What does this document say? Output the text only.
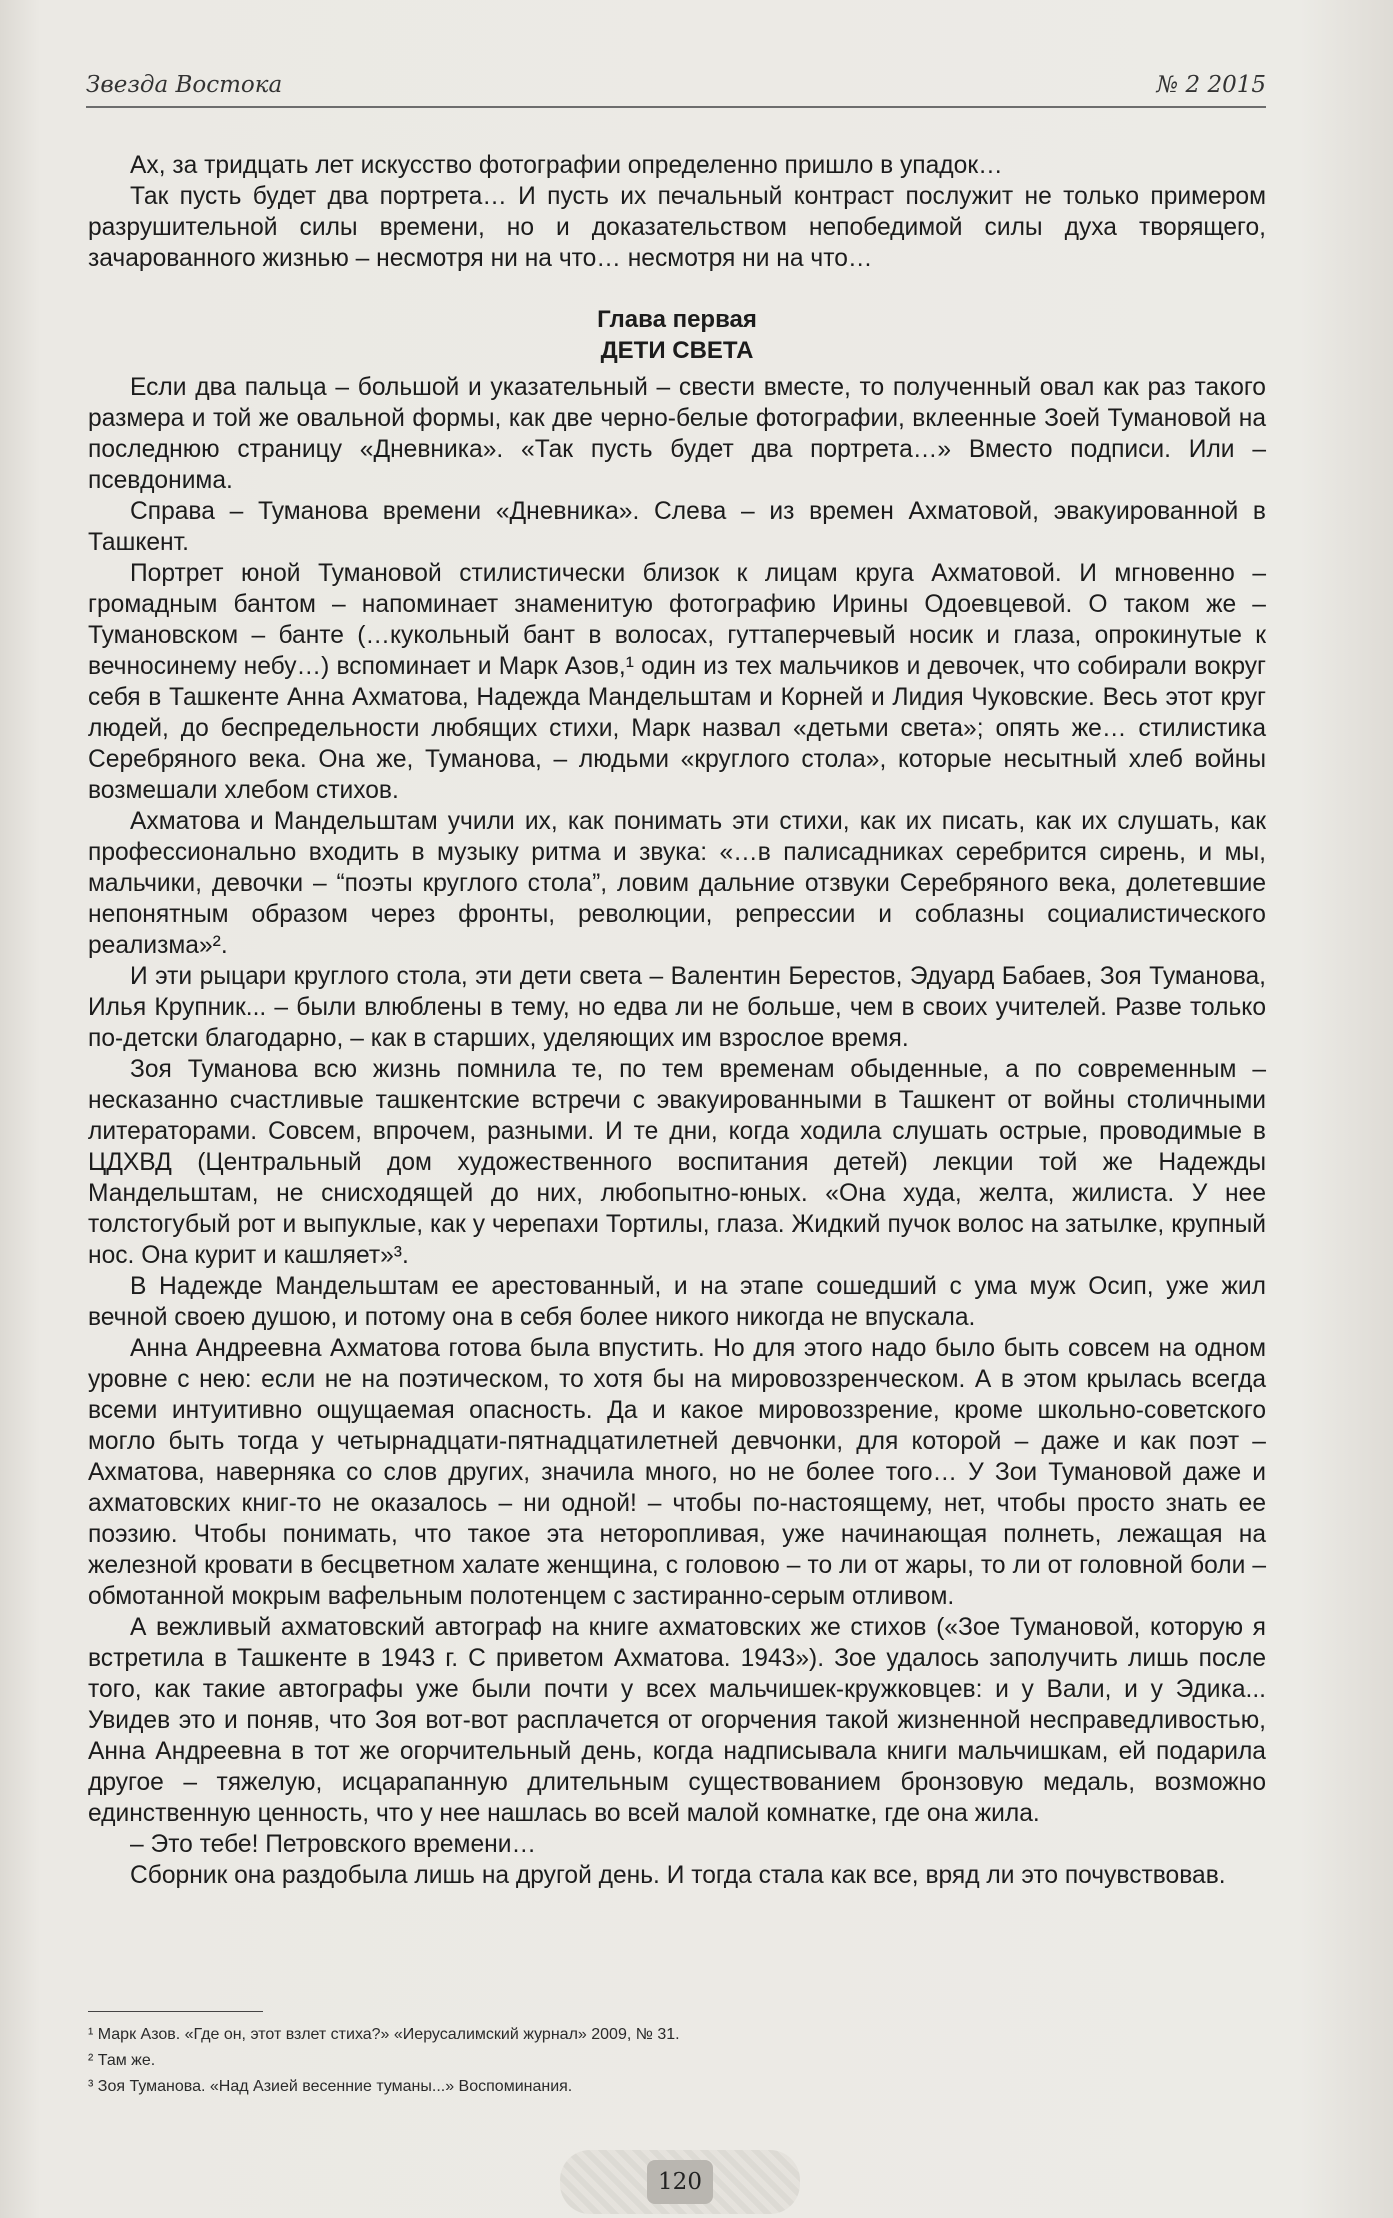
Звезда Востока	№ 2 2015

Ах, за тридцать лет искусство фотографии определенно пришло в упадок…

Так пусть будет два портрета… И пусть их печальный контраст послужит не только примером разрушительной силы времени, но и доказательством непобедимой силы духа творящего, зачарованного жизнью – несмотря ни на что… несмотря ни на что…

Глава первая
ДЕТИ СВЕТА

Если два пальца – большой и указательный – свести вместе, то полученный овал как раз такого размера и той же овальной формы, как две черно-белые фотографии, вклеенные Зоей Тумановой на последнюю страницу «Дневника». «Так пусть будет два портрета…» Вместо подписи. Или – псевдонима.

Справа – Туманова времени «Дневника». Слева – из времен Ахматовой, эвакуированной в Ташкент.

Портрет юной Тумановой стилистически близок к лицам круга Ахматовой. И мгновенно – громадным бантом – напоминает знаменитую фотографию Ирины Одоевцевой. О таком же – Тумановском – банте (…кукольный бант в волосах, гуттаперчевый носик и глаза, опрокинутые к вечносинему небу…) вспоминает и Марк Азов,¹ один из тех мальчиков и девочек, что собирали вокруг себя в Ташкенте Анна Ахматова, Надежда Мандельштам и Корней и Лидия Чуковские. Весь этот круг людей, до беспредельности любящих стихи, Марк назвал «детьми света»; опять же… стилистика Серебряного века. Она же, Туманова, – людьми «круглого стола», которые несытный хлеб войны возмешали хлебом стихов.

Ахматова и Мандельштам учили их, как понимать эти стихи, как их писать, как их слушать, как профессионально входить в музыку ритма и звука: «…в палисадниках серебрится сирень, и мы, мальчики, девочки – “поэты круглого стола”, ловим дальние отзвуки Серебряного века, долетевшие непонятным образом через фронты, революции, репрессии и соблазны социалистического реализма»².

И эти рыцари круглого стола, эти дети света – Валентин Берестов, Эдуард Бабаев, Зоя Туманова, Илья Крупник... – были влюблены в тему, но едва ли не больше, чем в своих учителей. Разве только по-детски благодарно, – как в старших, уделяющих им взрослое время.

Зоя Туманова всю жизнь помнила те, по тем временам обыденные, а по современным – несказанно счастливые ташкентские встречи с эвакуированными в Ташкент от войны столичными литераторами. Совсем, впрочем, разными. И те дни, когда ходила слушать острые, проводимые в ЦДХВД (Центральный дом художественного воспитания детей) лекции той же Надежды Мандельштам, не снисходящей до них, любопытно-юных. «Она худа, желта, жилиста. У нее толстогубый рот и выпуклые, как у черепахи Тортилы, глаза. Жидкий пучок волос на затылке, крупный нос. Она курит и кашляет»³.

В Надежде Мандельштам ее арестованный, и на этапе сошедший с ума муж Осип, уже жил вечной своею душою, и потому она в себя более никого никогда не впускала.

Анна Андреевна Ахматова готова была впустить. Но для этого надо было быть совсем на одном уровне с нею: если не на поэтическом, то хотя бы на мировоззренческом. А в этом крылась всегда всеми интуитивно ощущаемая опасность. Да и какое мировоззрение, кроме школьно-советского могло быть тогда у четырнадцати-пятнадцатилетней девчонки, для которой – даже и как поэт – Ахматова, наверняка со слов других, значила много, но не более того… У Зои Тумановой даже и ахматовских книг-то не оказалось – ни одной! – чтобы по-настоящему, нет, чтобы просто знать ее поэзию. Чтобы понимать, что такое эта неторопливая, уже начинающая полнеть, лежащая на железной кровати в бесцветном халате женщина, с головою – то ли от жары, то ли от головной боли – обмотанной мокрым вафельным полотенцем с застиранно-серым отливом.

А вежливый ахматовский автограф на книге ахматовских же стихов («Зое Тумановой, которую я встретила в Ташкенте в 1943 г. С приветом Ахматова. 1943»). Зое удалось заполучить лишь после того, как такие автографы уже были почти у всех мальчишек-кружковцев: и у Вали, и у Эдика... Увидев это и поняв, что Зоя вот-вот расплачется от огорчения такой жизненной несправедливостью, Анна Андреевна в тот же огорчительный день, когда надписывала книги мальчишкам, ей подарила другое – тяжелую, исцарапанную длительным существованием бронзовую медаль, возможно единственную ценность, что у нее нашлась во всей малой комнатке, где она жила.

– Это тебе! Петровского времени…

Сборник она раздобыла лишь на другой день. И тогда стала как все, вряд ли это почувствовав.

¹ Марк Азов. «Где он, этот взлет стиха?» «Иерусалимский журнал» 2009, № 31.
² Там же.
³ Зоя Туманова. «Над Азией весенние туманы...» Воспоминания.
120
